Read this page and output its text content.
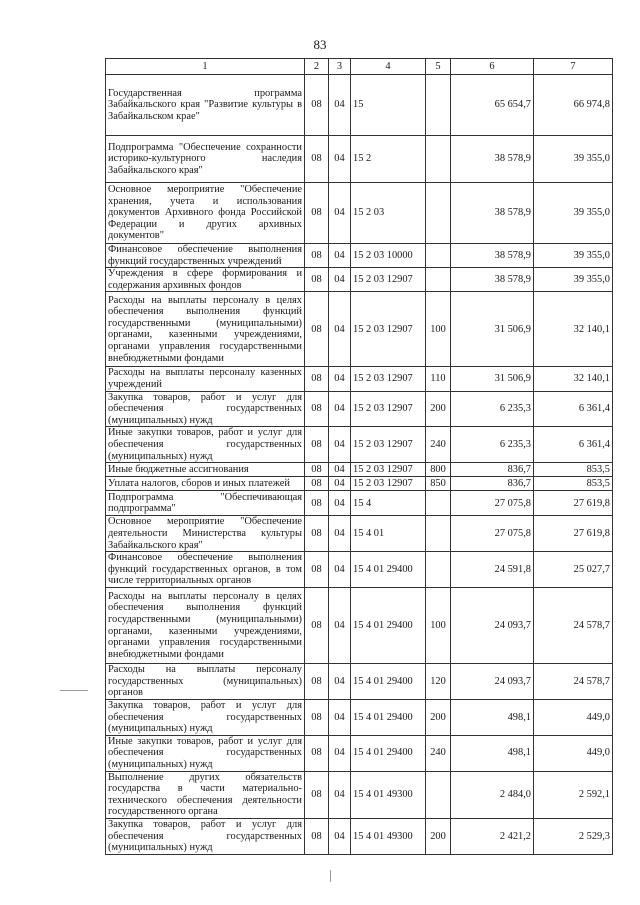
83
1	2	3	4	5	6	7
Государственная программа Забайкальского края "Развитие культуры в Забайкальском крае"	08	04	15		65 654,7	66 974,8
Подпрограмма "Обеспечение сохранности историко-культурного наследия Забайкальского края"	08	04	15 2		38 578,9	39 355,0
Основное мероприятие "Обеспечение хранения, учета и использования документов Архивного фонда Российской Федерации и других архивных документов"	08	04	15 2 03		38 578,9	39 355,0
Финансовое обеспечение выполнения функций государственных учреждений	08	04	15 2 03 10000		38 578,9	39 355,0
Учреждения в сфере формирования и содержания архивных фондов	08	04	15 2 03 12907		38 578,9	39 355,0
Расходы на выплаты персоналу в целях обеспечения выполнения функций государственными (муниципальными) органами, казенными учреждениями, органами управления государственными внебюджетными фондами	08	04	15 2 03 12907	100	31 506,9	32 140,1
Расходы на выплаты персоналу казенных учреждений	08	04	15 2 03 12907	110	31 506,9	32 140,1
Закупка товаров, работ и услуг для обеспечения государственных (муниципальных) нужд	08	04	15 2 03 12907	200	6 235,3	6 361,4
Иные закупки товаров, работ и услуг для обеспечения государственных (муниципальных) нужд	08	04	15 2 03 12907	240	6 235,3	6 361,4
Иные бюджетные ассигнования	08	04	15 2 03 12907	800	836,7	853,5
Уплата налогов, сборов и иных платежей	08	04	15 2 03 12907	850	836,7	853,5
Подпрограмма "Обеспечивающая подпрограмма"	08	04	15 4		27 075,8	27 619,8
Основное мероприятие "Обеспечение деятельности Министерства культуры Забайкальского края"	08	04	15 4 01		27 075,8	27 619,8
Финансовое обеспечение выполнения функций государственных органов, в том числе территориальных органов	08	04	15 4 01 29400		24 591,8	25 027,7
Расходы на выплаты персоналу в целях обеспечения выполнения функций государственными (муниципальными) органами, казенными учреждениями, органами управления государственными внебюджетными фондами	08	04	15 4 01 29400	100	24 093,7	24 578,7
Расходы на выплаты персоналу государственных (муниципальных) органов	08	04	15 4 01 29400	120	24 093,7	24 578,7
Закупка товаров, работ и услуг для обеспечения государственных (муниципальных) нужд	08	04	15 4 01 29400	200	498,1	449,0
Иные закупки товаров, работ и услуг для обеспечения государственных (муниципальных) нужд	08	04	15 4 01 29400	240	498,1	449,0
Выполнение других обязательств государства в части материально-технического обеспечения деятельности государственного органа	08	04	15 4 01 49300		2 484,0	2 592,1
Закупка товаров, работ и услуг для обеспечения государственных (муниципальных) нужд	08	04	15 4 01 49300	200	2 421,2	2 529,3
